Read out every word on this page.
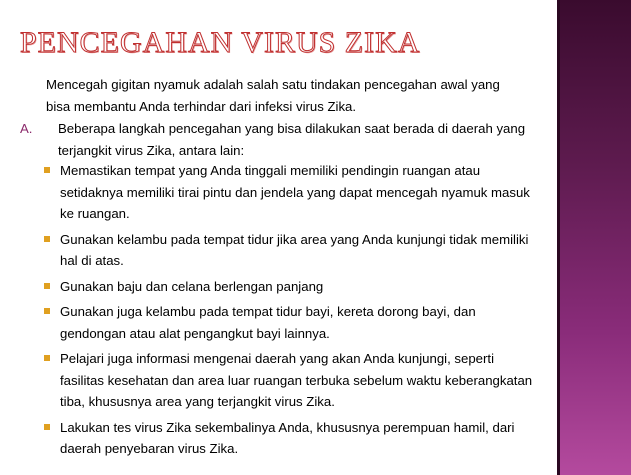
PENCEGAHAN VIRUS ZIKA
Mencegah gigitan nyamuk adalah salah satu tindakan pencegahan awal yang bisa membantu Anda terhindar dari infeksi virus Zika.
A. Beberapa langkah pencegahan yang bisa dilakukan saat berada di daerah yang terjangkit virus Zika, antara lain:
Memastikan tempat yang Anda tinggali memiliki pendingin ruangan atau setidaknya memiliki tirai pintu dan jendela yang dapat mencegah nyamuk masuk ke ruangan.
Gunakan kelambu pada tempat tidur jika area yang Anda kunjungi tidak memiliki hal di atas.
Gunakan baju dan celana berlengan panjang
Gunakan juga kelambu pada tempat tidur bayi, kereta dorong bayi, dan gendongan atau alat pengangkut bayi lainnya.
Pelajari juga informasi mengenai daerah yang akan Anda kunjungi, seperti fasilitas kesehatan dan area luar ruangan terbuka sebelum waktu keberangkatan tiba, khususnya area yang terjangkit virus Zika.
Lakukan tes virus Zika sekembalinya Anda, khususnya perempuan hamil, dari daerah penyebaran virus Zika.
